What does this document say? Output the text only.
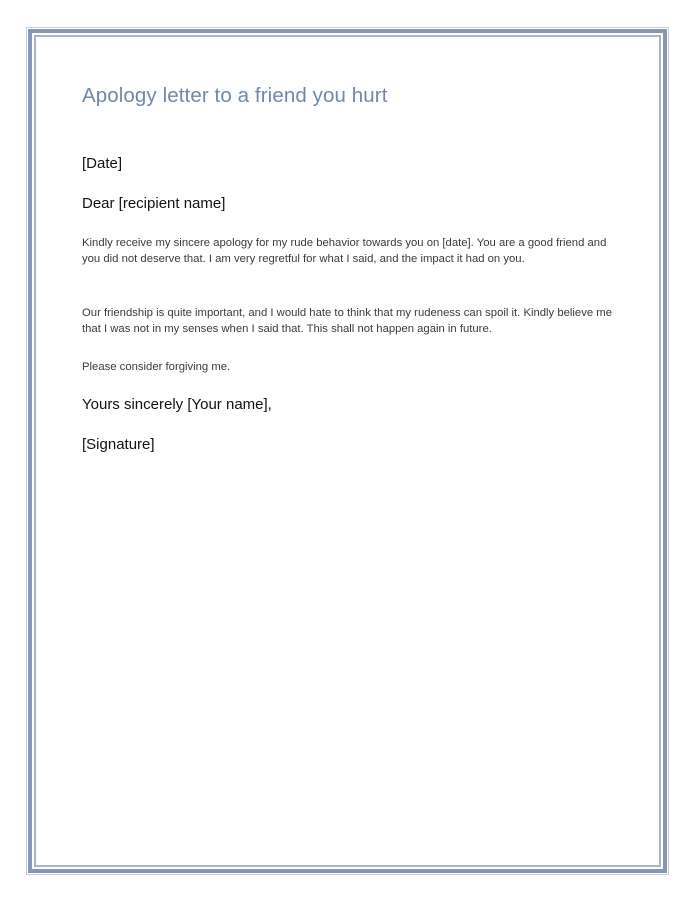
Apology letter to a friend you hurt
[Date]
Dear [recipient name]
Kindly receive my sincere apology for my rude behavior towards you on [date]. You are a good friend and you did not deserve that. I am very regretful for what I said, and the impact it had on you.
Our friendship is quite important, and I would hate to think that my rudeness can spoil it. Kindly believe me that I was not in my senses when I said that. This shall not happen again in future.
Please consider forgiving me.
Yours sincerely [Your name],
[Signature]
